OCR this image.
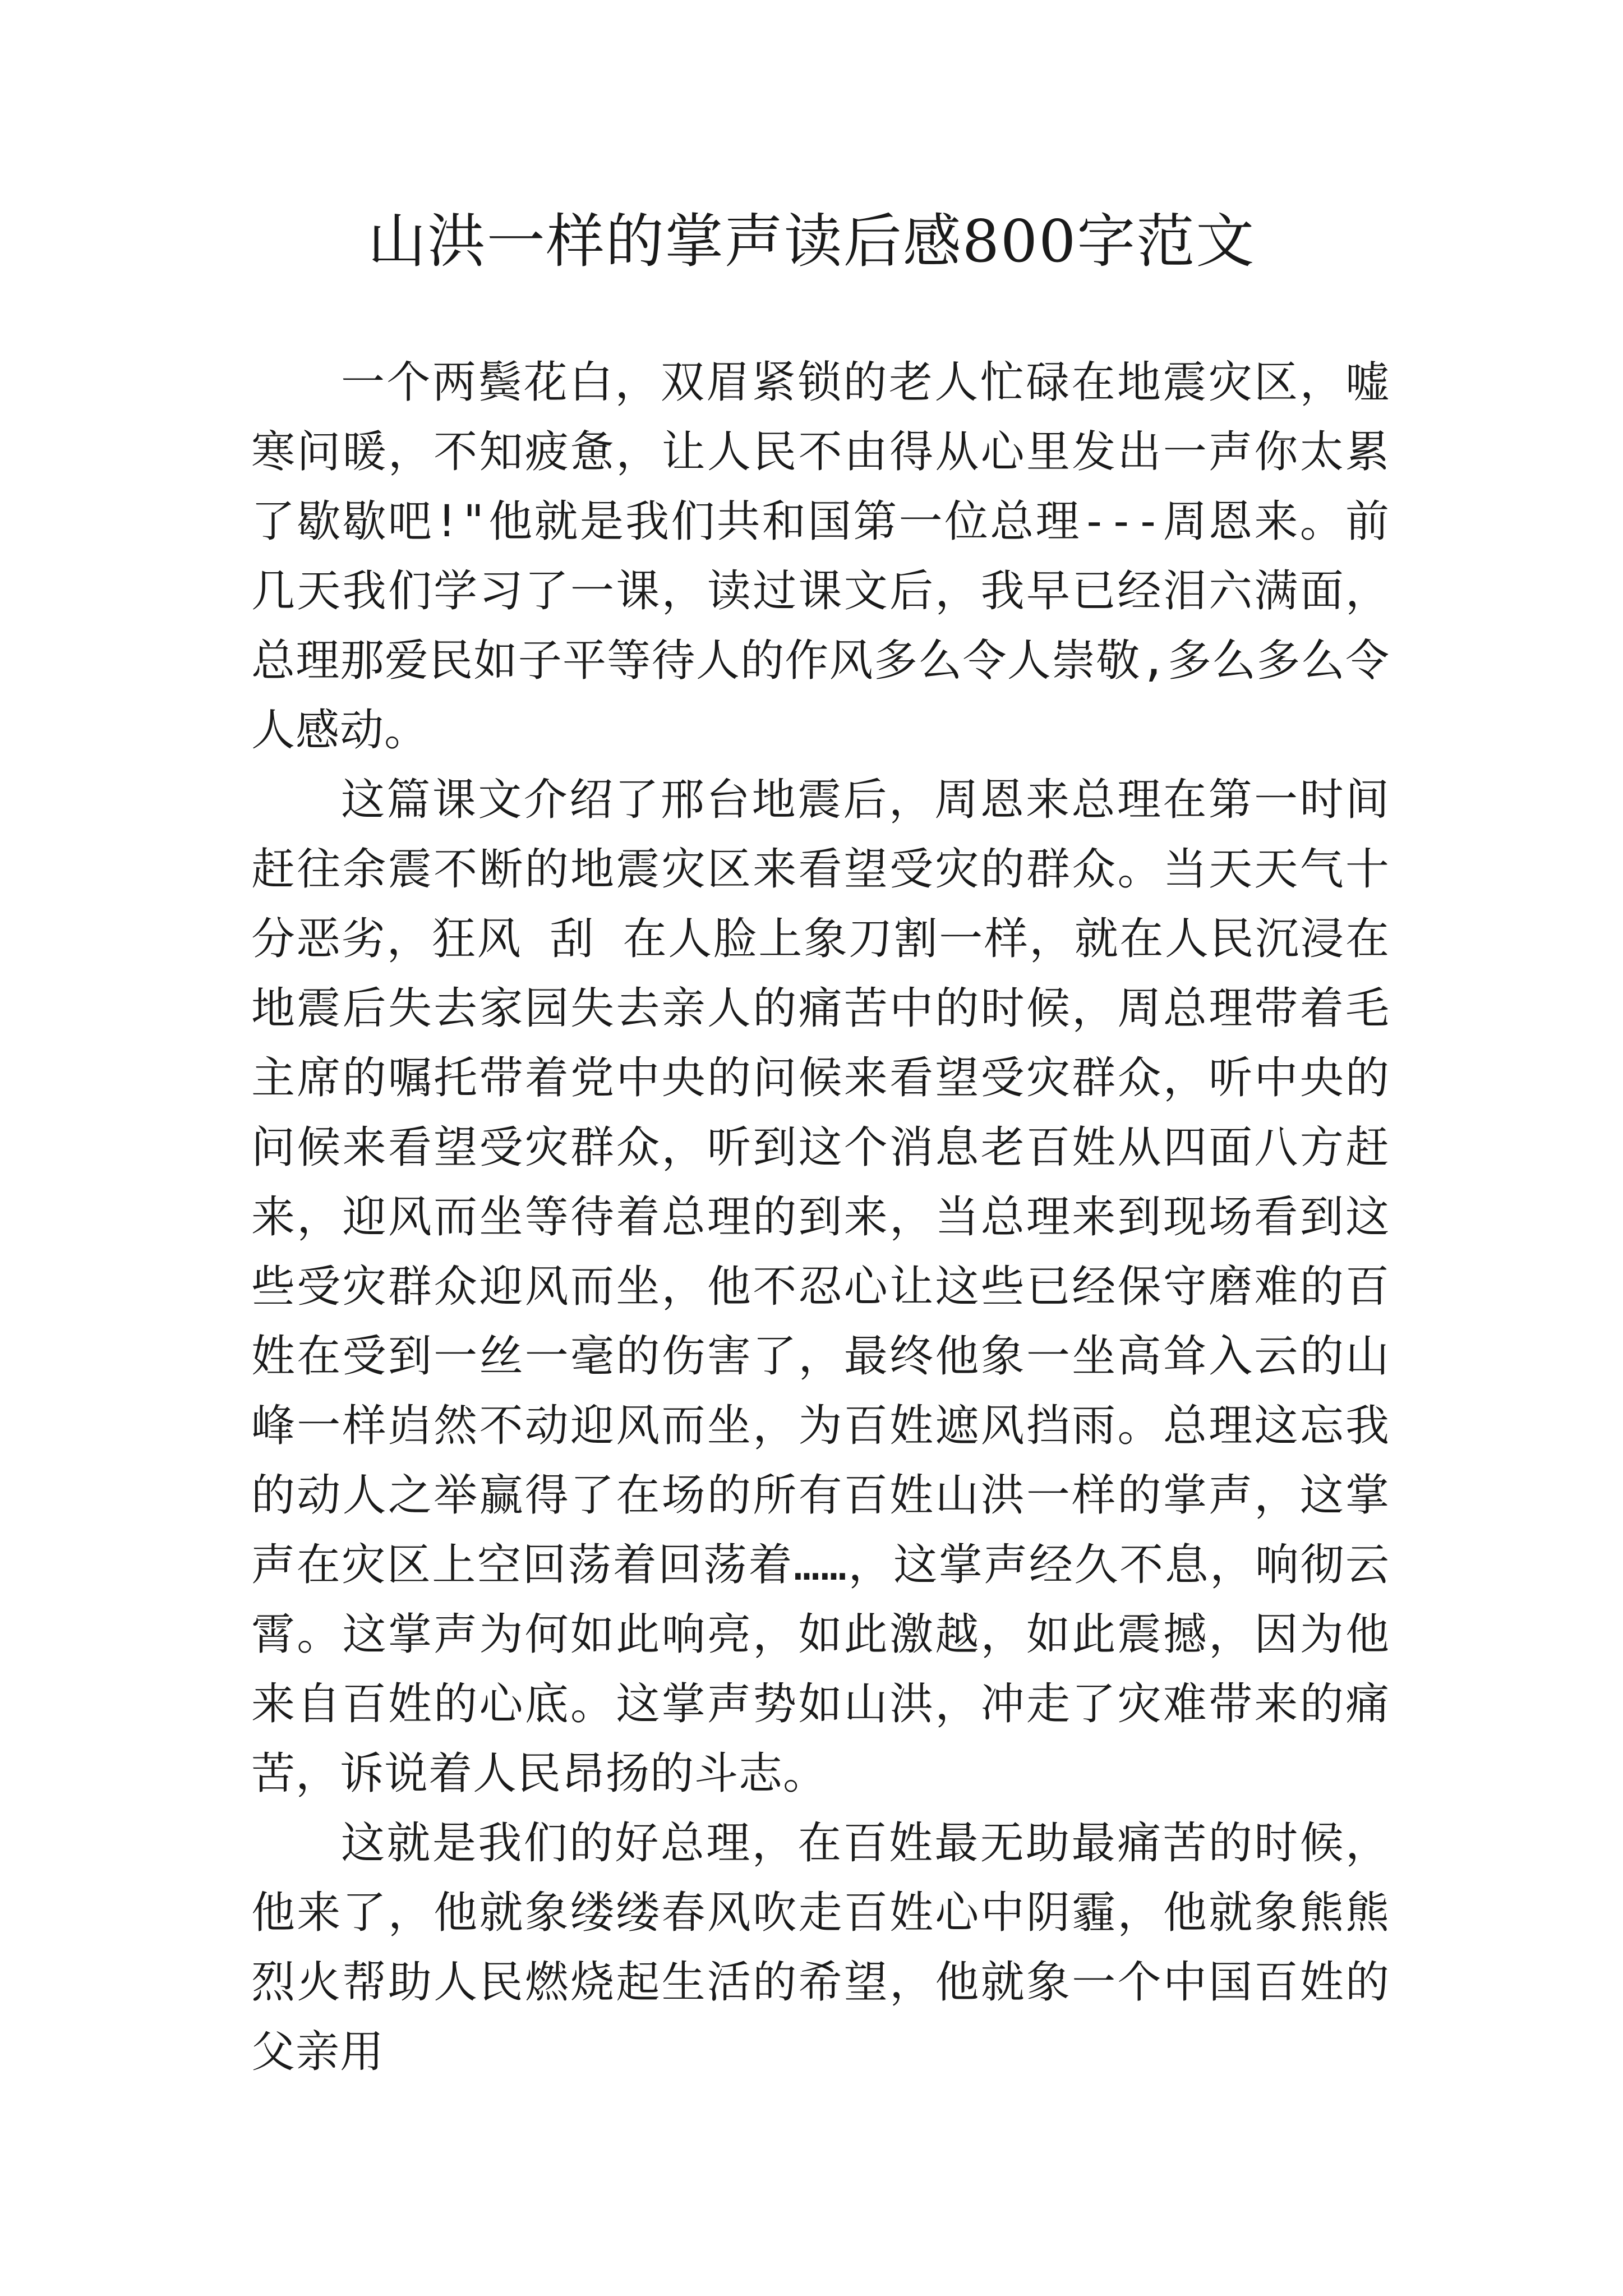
山洪一样的掌声读后感800字范文

一个两鬓花白，双眉紧锁的老人忙碌在地震灾区，嘘寒问暖，不知疲惫，让人民不由得从心里发出一声你太累了歇歇吧!"他就是我们共和国第一位总理---周恩来。前几天我们学习了一课，读过课文后，我早已经泪六满面，总理那爱民如子平等待人的作风多么令人崇敬,多么多么令人感动。

这篇课文介绍了邢台地震后，周恩来总理在第一时间赶往余震不断的地震灾区来看望受灾的群众。当天天气十分恶劣，狂风 刮 在人脸上象刀割一样，就在人民沉浸在地震后失去家园失去亲人的痛苦中的时候，周总理带着毛主席的嘱托带着党中央的问候来看望受灾群众，听中央的问候来看望受灾群众，听到这个消息老百姓从四面八方赶来，迎风而坐等待着总理的到来，当总理来到现场看到这些受灾群众迎风而坐，他不忍心让这些已经保守磨难的百姓在受到一丝一毫的伤害了，最终他象一坐高耸入云的山峰一样岿然不动迎风而坐，为百姓遮风挡雨。总理这忘我的动人之举赢得了在场的所有百姓山洪一样的掌声，这掌声在灾区上空回荡着回荡着……，这掌声经久不息，响彻云霄。这掌声为何如此响亮，如此激越，如此震撼，因为他来自百姓的心底。这掌声势如山洪，冲走了灾难带来的痛苦，诉说着人民昂扬的斗志。

这就是我们的好总理，在百姓最无助最痛苦的时候，他来了，他就象缕缕春风吹走百姓心中阴霾，他就象熊熊烈火帮助人民燃烧起生活的希望，他就象一个中国百姓的父亲用
